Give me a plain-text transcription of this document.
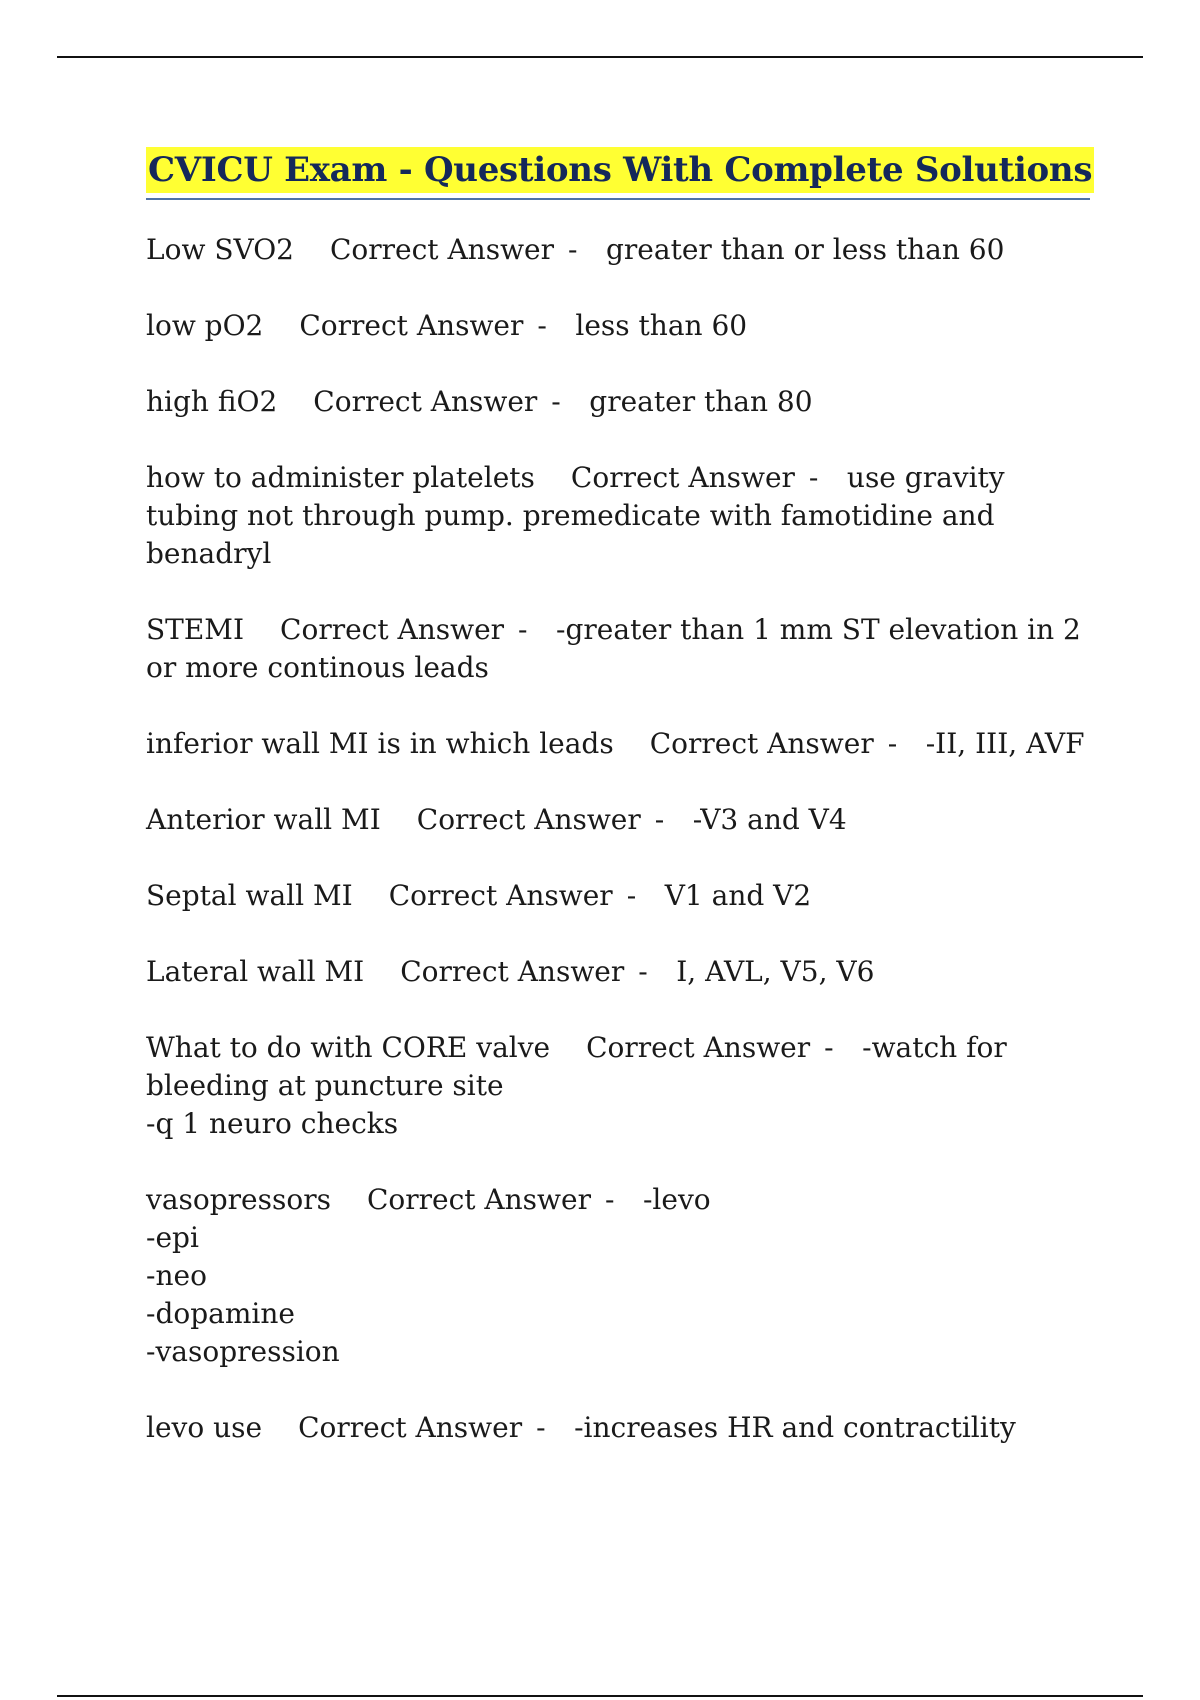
CVICU Exam - Questions With Complete Solutions
Low SVO2 Correct Answer - greater than or less than 60
low pO2 Correct Answer - less than 60
high fiO2 Correct Answer - greater than 80
how to administer platelets Correct Answer - use gravity tubing not through pump. premedicate with famotidine and benadryl
STEMI Correct Answer - -greater than 1 mm ST elevation in 2 or more continous leads
inferior wall MI is in which leads Correct Answer - -II, III, AVF
Anterior wall MI Correct Answer - -V3 and V4
Septal wall MI Correct Answer - V1 and V2
Lateral wall MI Correct Answer - I, AVL, V5, V6
What to do with CORE valve Correct Answer - -watch for bleeding at puncture site
-q 1 neuro checks
vasopressors Correct Answer - -levo
-epi
-neo
-dopamine
-vasopression
levo use Correct Answer - -increases HR and contractility
